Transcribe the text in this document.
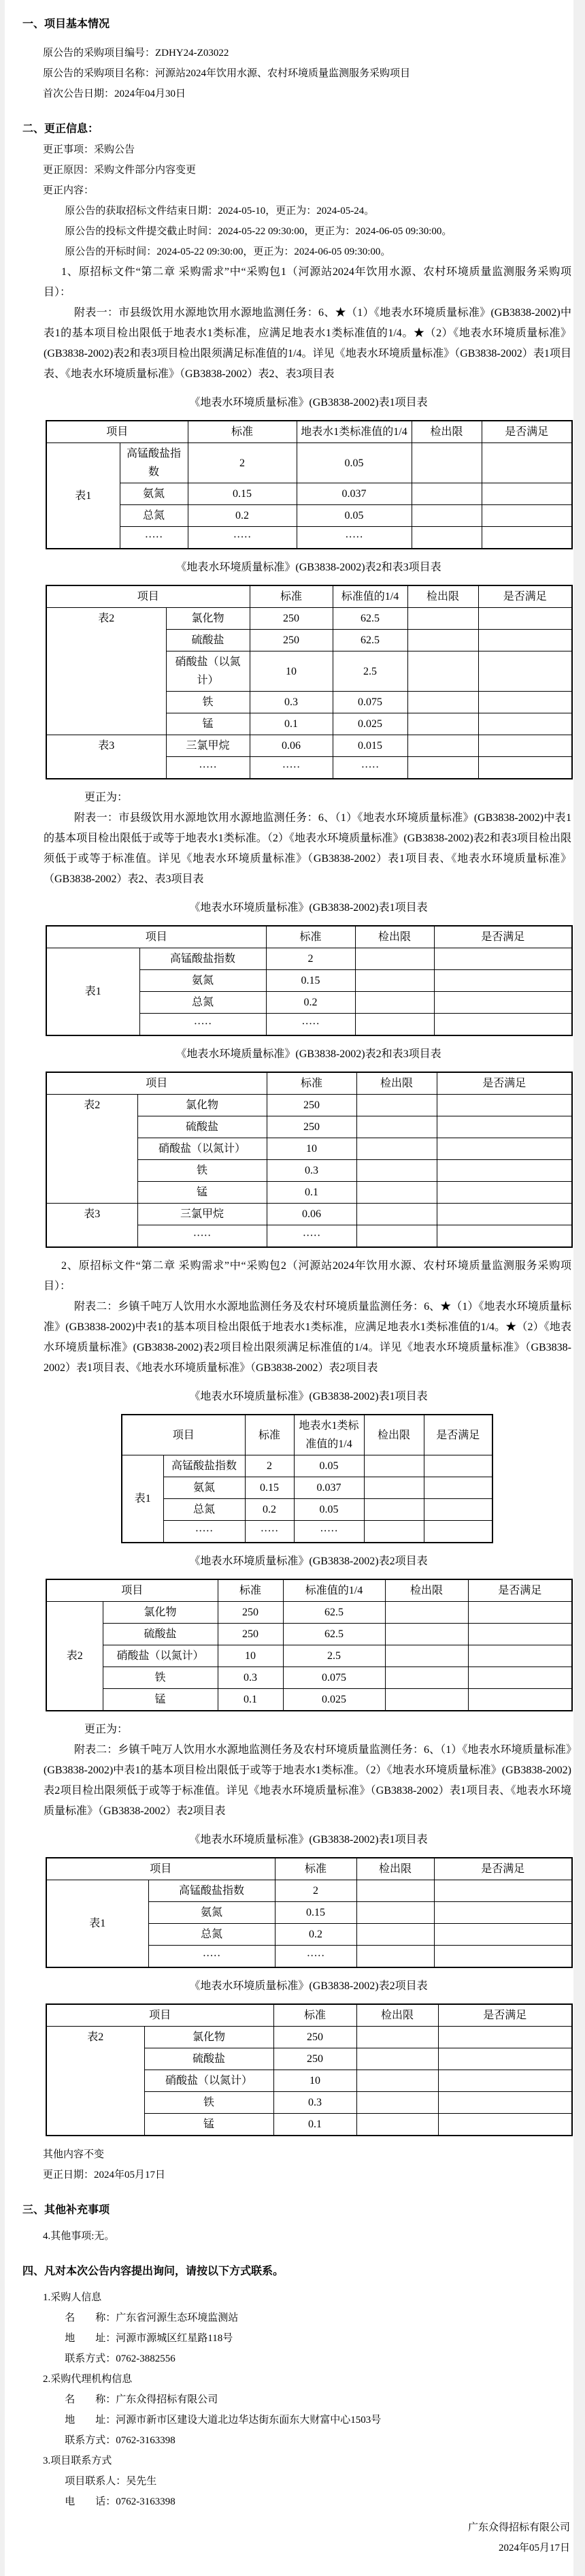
一、项目基本情况

原公告的采购项目编号：ZDHY24-Z03022

原公告的采购项目名称：河源站2024年饮用水源、农村环境质量监测服务采购项目

首次公告日期：2024年04月30日

二、更正信息：

更正事项：采购公告

更正原因：采购文件部分内容变更

更正内容：

原公告的获取招标文件结束日期：2024-05-10，更正为：2024-05-24。

原公告的投标文件提交截止时间：2024-05-22 09:30:00，更正为：2024-06-05 09:30:00。

原公告的开标时间：2024-05-22 09:30:00，更正为：2024-06-05 09:30:00。

1、原招标文件“第二章 采购需求”中“采购包1（河源站2024年饮用水源、农村环境质量监测服务采购项目）：

附表一：市县级饮用水源地饮用水源地监测任务：6、★（1）《地表水环境质量标准》(GB3838-2002)中表1的基本项目检出限低于地表水1类标准，应满足地表水1类标准值的1/4。★（2）《地表水环境质量标准》(GB3838-2002)表2和表3项目检出限须满足标准值的1/4。详见《地表水环境质量标准》（GB3838-2002）表1项目表、《地表水环境质量标准》（GB3838-2002）表2、表3项目表

《地表水环境质量标准》(GB3838-2002)表1项目表
项目		标准	地表水1类标准值的1/4	检出限	是否满足
表1	高锰酸盐指数	2	0.05		
	氨氮	0.15	0.037		
	总氮	0.2	0.05		
	·····	·····	·····		
《地表水环境质量标准》(GB3838-2002)表2和表3项目表
项目		标准	标准值的1/4	检出限	是否满足
表2	氯化物	250	62.5		
	硫酸盐	250	62.5		
	硝酸盐（以氮计）	10	2.5		
	铁	0.3	0.075		
	锰	0.1	0.025		
表3	三氯甲烷	0.06	0.015		
	·····	·····	·····		

更正为：

附表一：市县级饮用水源地饮用水源地监测任务：6、（1）《地表水环境质量标准》(GB3838-2002)中表1的基本项目检出限低于或等于地表水1类标准。（2）《地表水环境质量标准》(GB3838-2002)表2和表3项目检出限须低于或等于标准值。详见《地表水环境质量标准》（GB3838-2002）表1项目表、《地表水环境质量标准》（GB3838-2002）表2、表3项目表

《地表水环境质量标准》(GB3838-2002)表1项目表
项目		标准	检出限	是否满足
表1	高锰酸盐指数	2		
	氨氮	0.15		
	总氮	0.2		
	·····	·····		
《地表水环境质量标准》(GB3838-2002)表2和表3项目表
项目		标准	检出限	是否满足
表2	氯化物	250		
	硫酸盐	250		
	硝酸盐（以氮计）	10		
	铁	0.3		
	锰	0.1		
表3	三氯甲烷	0.06		
	·····	·····		

2、原招标文件“第二章 采购需求”中“采购包2（河源站2024年饮用水源、农村环境质量监测服务采购项目）：

附表二：乡镇千吨万人饮用水水源地监测任务及农村环境质量监测任务：6、★（1）《地表水环境质量标准》(GB3838-2002)中表1的基本项目检出限低于地表水1类标准，应满足地表水1类标准值的1/4。★（2）《地表水环境质量标准》(GB3838-2002)表2项目检出限须满足标准值的1/4。详见《地表水环境质量标准》（GB3838-2002）表1项目表、《地表水环境质量标准》（GB3838-2002）表2项目表

《地表水环境质量标准》(GB3838-2002)表1项目表
项目		标准	地表水1类标准值的1/4	检出限	是否满足
表1	高锰酸盐指数	2	0.05		
	氨氮	0.15	0.037		
	总氮	0.2	0.05		
	·····	·····	·····		
《地表水环境质量标准》(GB3838-2002)表2项目表
项目		标准	标准值的1/4	检出限	是否满足
表2	氯化物	250	62.5		
	硫酸盐	250	62.5		
	硝酸盐（以氮计）	10	2.5		
	铁	0.3	0.075		
	锰	0.1	0.025		

更正为：

附表二：乡镇千吨万人饮用水水源地监测任务及农村环境质量监测任务：6、（1）《地表水环境质量标准》(GB3838-2002)中表1的基本项目检出限低于或等于地表水1类标准。（2）《地表水环境质量标准》(GB3838-2002)表2项目检出限须低于或等于标准值。详见《地表水环境质量标准》（GB3838-2002）表1项目表、《地表水环境质量标准》（GB3838-2002）表2项目表

《地表水环境质量标准》(GB3838-2002)表1项目表
项目		标准	检出限	是否满足
表1	高锰酸盐指数	2		
	氨氮	0.15		
	总氮	0.2		
	·····	·····		
《地表水环境质量标准》(GB3838-2002)表2项目表
项目		标准	检出限	是否满足
表2	氯化物	250		
	硫酸盐	250		
	硝酸盐（以氮计）	10		
	铁	0.3		
	锰	0.1		

其他内容不变

更正日期：2024年05月17日

三、其他补充事项

4.其他事项:无。

四、凡对本次公告内容提出询问，请按以下方式联系。

1.采购人信息

名　　称：广东省河源生态环境监测站

地　　址：河源市源城区红星路118号

联系方式：0762-3882556

2.采购代理机构信息

名　　称：广东众得招标有限公司

地　　址：河源市新市区建设大道北边华达街东面东大财富中心1503号

联系方式：0762-3163398

3.项目联系方式

项目联系人：吴先生

电　　话：0762-3163398

广东众得招标有限公司

2024年05月17日
